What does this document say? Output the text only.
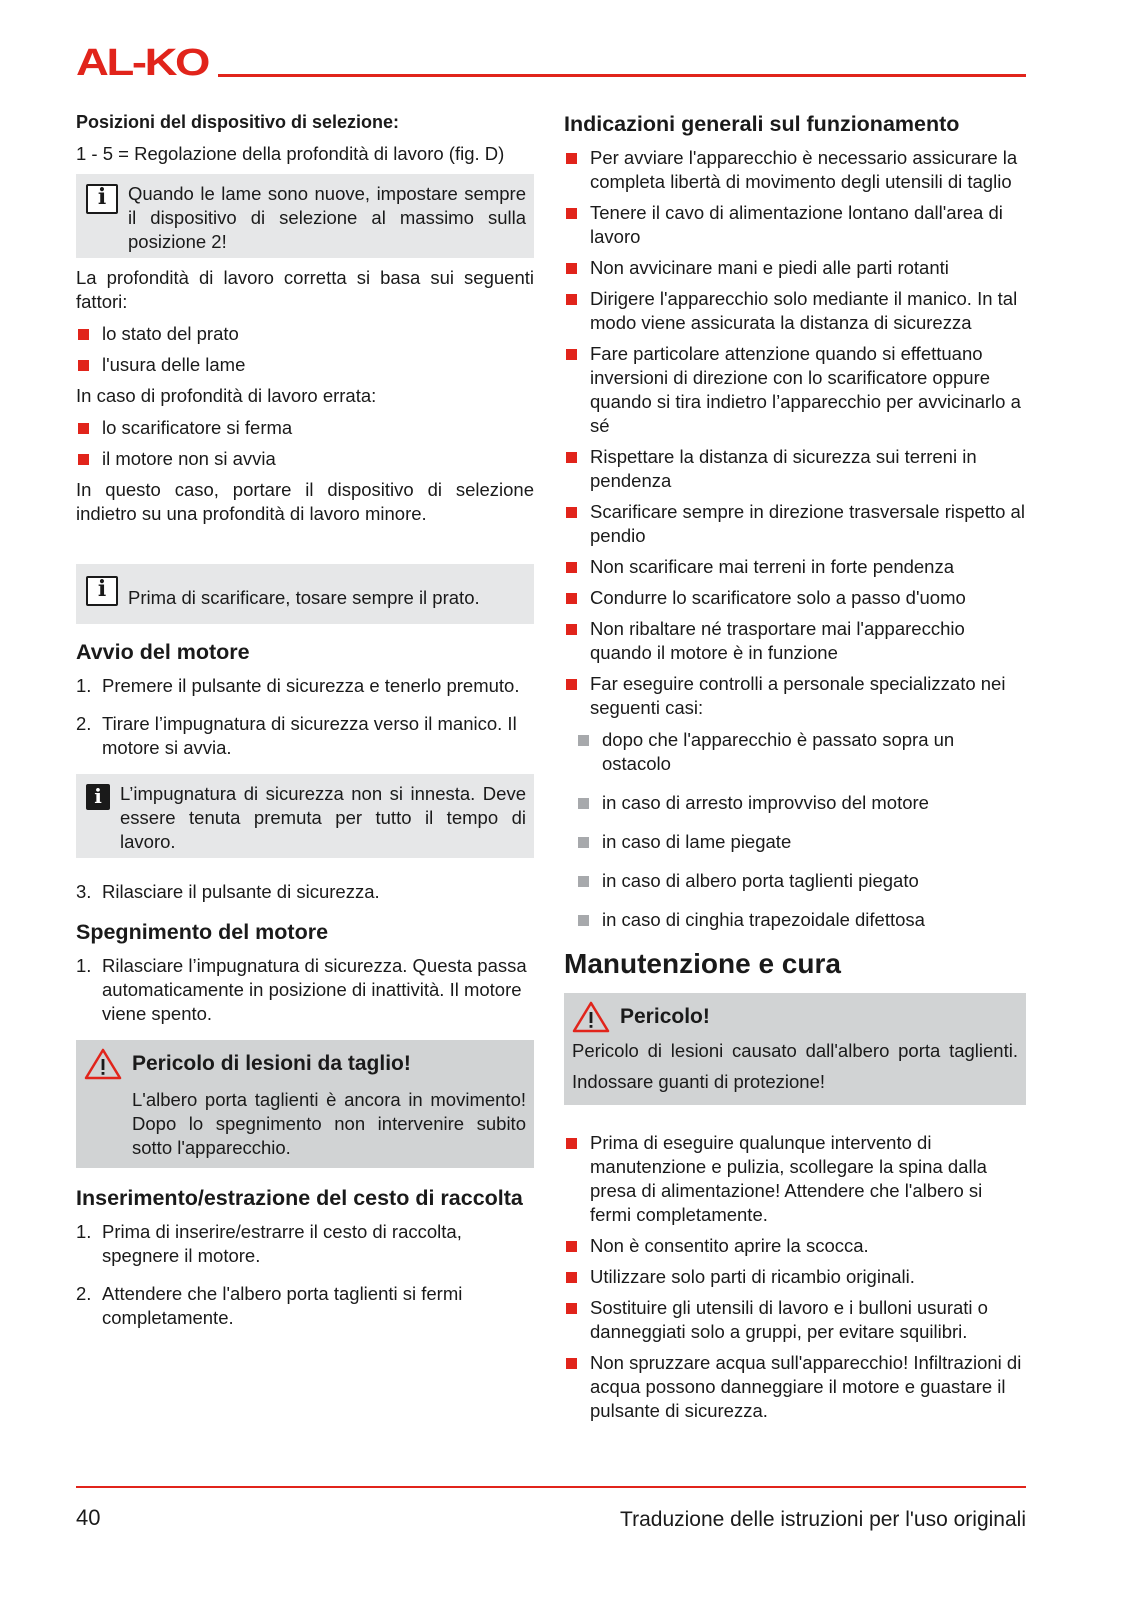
AL-KO

Posizioni del dispositivo di selezione:

1 - 5 = Regolazione della profondità di lavoro (fig. D)

i	Quando le lame sono nuove, impostare sempre il dispositivo di selezione al massimo sulla posizione 2!

La profondità di lavoro corretta si basa sui seguenti fattori:

lo stato del prato
l'usura delle lame

In caso di profondità di lavoro errata:

lo scarificatore si ferma
il motore non si avvia

In questo caso, portare il dispositivo di selezione indietro su una profondità di lavoro minore.

i	Prima di scarificare, tosare sempre il prato.

Avvio del motore

1. Premere il pulsante di sicurezza e tenerlo premuto.
2. Tirare l’impugnatura di sicurezza verso il manico. Il motore si avvia.
i L’impugnatura di sicurezza non si innesta. Deve essere tenuta premuta per tutto il tempo di lavoro.
3. Rilasciare il pulsante di sicurezza.

Spegnimento del motore

1. Rilasciare l’impugnatura di sicurezza. Questa passa automaticamente in posizione di inattività. Il motore viene spento.
Pericolo di lesioni da taglio!
L'albero porta taglienti è ancora in movimento! Dopo lo spegnimento non intervenire subito sotto l'apparecchio.

Inserimento/estrazione del cesto di raccolta

1. Prima di inserire/estrarre il cesto di raccolta, spegnere il motore.
2. Attendere che l'albero porta taglienti si fermi completamente.

Indicazioni generali sul funzionamento

Per avviare l'apparecchio è necessario assicurare la completa libertà di movimento degli utensili di taglio
Tenere il cavo di alimentazione lontano dall'area di lavoro
Non avvicinare mani e piedi alle parti rotanti
Dirigere l'apparecchio solo mediante il manico. In tal modo viene assicurata la distanza di sicurezza
Fare particolare attenzione quando si effettuano inversioni di direzione con lo scarificatore oppure quando si tira indietro l’apparecchio per avvicinarlo a sé
Rispettare la distanza di sicurezza sui terreni in pendenza
Scarificare sempre in direzione trasversale rispetto al pendio
Non scarificare mai terreni in forte pendenza
Condurre lo scarificatore solo a passo d'uomo
Non ribaltare né trasportare mai l'apparecchio quando il motore è in funzione
Far eseguire controlli a personale specializzato nei seguenti casi:
dopo che l'apparecchio è passato sopra un ostacolo
in caso di arresto improvviso del motore
in caso di lame piegate
in caso di albero porta taglienti piegato
in caso di cinghia trapezoidale difettosa

Manutenzione e cura

Pericolo!
Pericolo di lesioni causato dall'albero porta taglienti. Indossare guanti di protezione!
Prima di eseguire qualunque intervento di manutenzione e pulizia, scollegare la spina dalla presa di alimentazione! Attendere che l'albero si fermi completamente.
Non è consentito aprire la scocca.
Utilizzare solo parti di ricambio originali.
Sostituire gli utensili di lavoro e i bulloni usurati o danneggiati solo a gruppi, per evitare squilibri.
Non spruzzare acqua sull'apparecchio! Infiltrazioni di acqua possono danneggiare il motore e guastare il pulsante di sicurezza.
40	Traduzione delle istruzioni per l'uso originali
